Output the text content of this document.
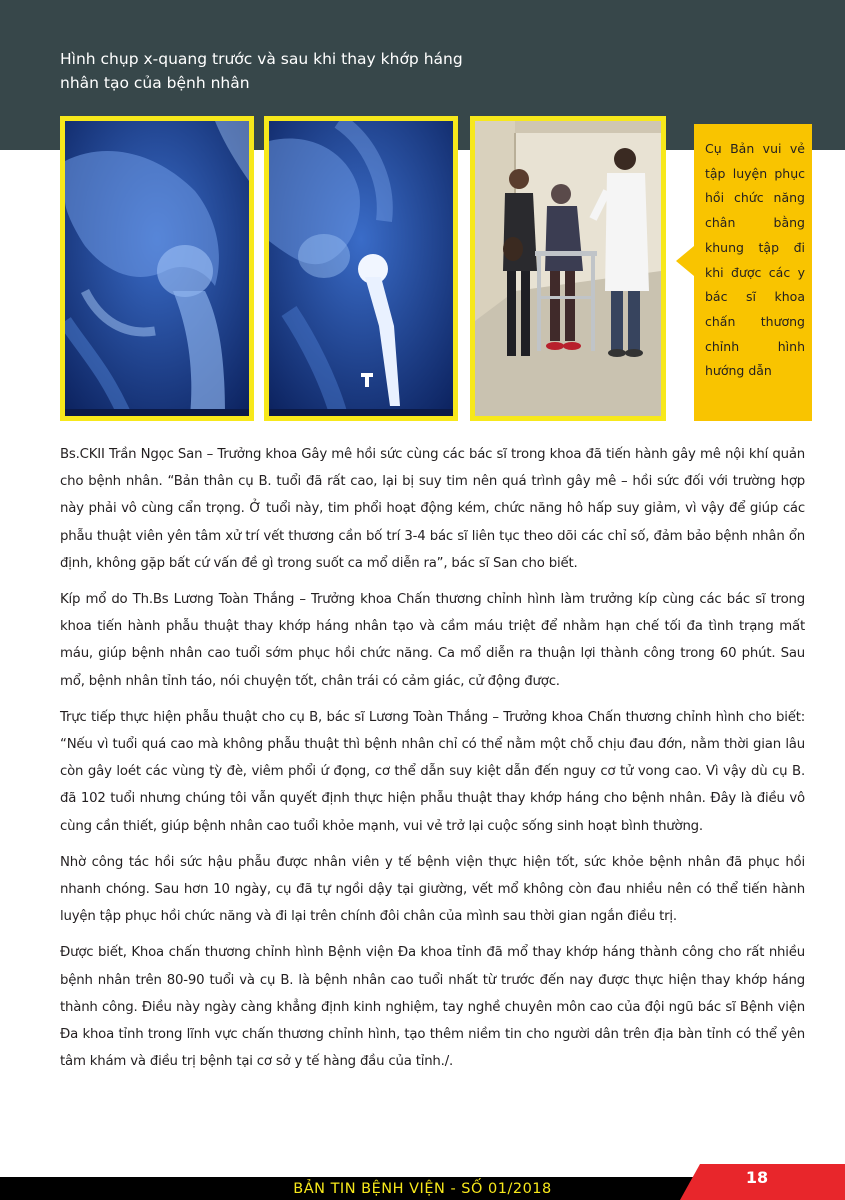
Hình chụp x-quang trước và sau khi thay khớp háng nhân tạo của bệnh nhân
Cụ Bản vui vẻ tập luyện phục hồi chức năng chân bằng khung tập đi khi được các y bác sĩ khoa chấn thương chỉnh hình hướng dẫn

Bs.CKII Trần Ngọc San – Trưởng khoa Gây mê hồi sức cùng các bác sĩ trong khoa đã tiến hành gây mê nội khí quản cho bệnh nhân. “Bản thân cụ B. tuổi đã rất cao, lại bị suy tim nên quá trình gây mê – hồi sức đối với trường hợp này phải vô cùng cẩn trọng. Ở tuổi này, tim phổi hoạt động kém, chức năng hô hấp suy giảm, vì vậy để giúp các phẫu thuật viên yên tâm xử trí vết thương cần bố trí 3-4 bác sĩ liên tục theo dõi các chỉ số, đảm bảo bệnh nhân ổn định, không gặp bất cứ vấn đề gì trong suốt ca mổ diễn ra”, bác sĩ San cho biết.

Kíp mổ do Th.Bs Lương Toàn Thắng – Trưởng khoa Chấn thương chỉnh hình làm trưởng kíp cùng các bác sĩ trong khoa tiến hành phẫu thuật thay khớp háng nhân tạo và cầm máu triệt để nhằm hạn chế tối đa tình trạng mất máu, giúp bệnh nhân cao tuổi sớm phục hồi chức năng. Ca mổ diễn ra thuận lợi thành công trong 60 phút. Sau mổ, bệnh nhân tỉnh táo, nói chuyện tốt, chân trái có cảm giác, cử động được.

Trực tiếp thực hiện phẫu thuật cho cụ B, bác sĩ Lương Toàn Thắng – Trưởng khoa Chấn thương chỉnh hình cho biết: “Nếu vì tuổi quá cao mà không phẫu thuật thì bệnh nhân chỉ có thể nằm một chỗ chịu đau đớn, nằm thời gian lâu còn gây loét các vùng tỳ đè, viêm phổi ứ đọng, cơ thể dẫn suy kiệt dẫn đến nguy cơ tử vong cao. Vì vậy dù cụ B. đã 102 tuổi nhưng chúng tôi vẫn quyết định thực hiện phẫu thuật thay khớp háng cho bệnh nhân. Đây là điều vô cùng cần thiết, giúp bệnh nhân cao tuổi khỏe mạnh, vui vẻ trở lại cuộc sống sinh hoạt bình thường.

Nhờ công tác hồi sức hậu phẫu được nhân viên y tế bệnh viện thực hiện tốt, sức khỏe bệnh nhân đã phục hồi nhanh chóng. Sau hơn 10 ngày, cụ đã tự ngồi dậy tại giường, vết mổ không còn đau nhiều nên có thể tiến hành luyện tập phục hồi chức năng và đi lại trên chính đôi chân của mình sau thời gian ngắn điều trị.

Được biết, Khoa chấn thương chỉnh hình Bệnh viện Đa khoa tỉnh đã mổ thay khớp háng thành công cho rất nhiều bệnh nhân trên 80-90 tuổi và cụ B. là bệnh nhân cao tuổi nhất từ trước đến nay được thực hiện thay khớp háng thành công. Điều này ngày càng khẳng định kinh nghiệm, tay nghề chuyên môn cao của đội ngũ bác sĩ Bệnh viện Đa khoa tỉnh trong lĩnh vực chấn thương chỉnh hình, tạo thêm niềm tin cho người dân trên địa bàn tỉnh có thể yên tâm khám và điều trị bệnh tại cơ sở y tế hàng đầu của tỉnh./.

BẢN TIN BỆNH VIỆN - SỐ 01/2018
18
